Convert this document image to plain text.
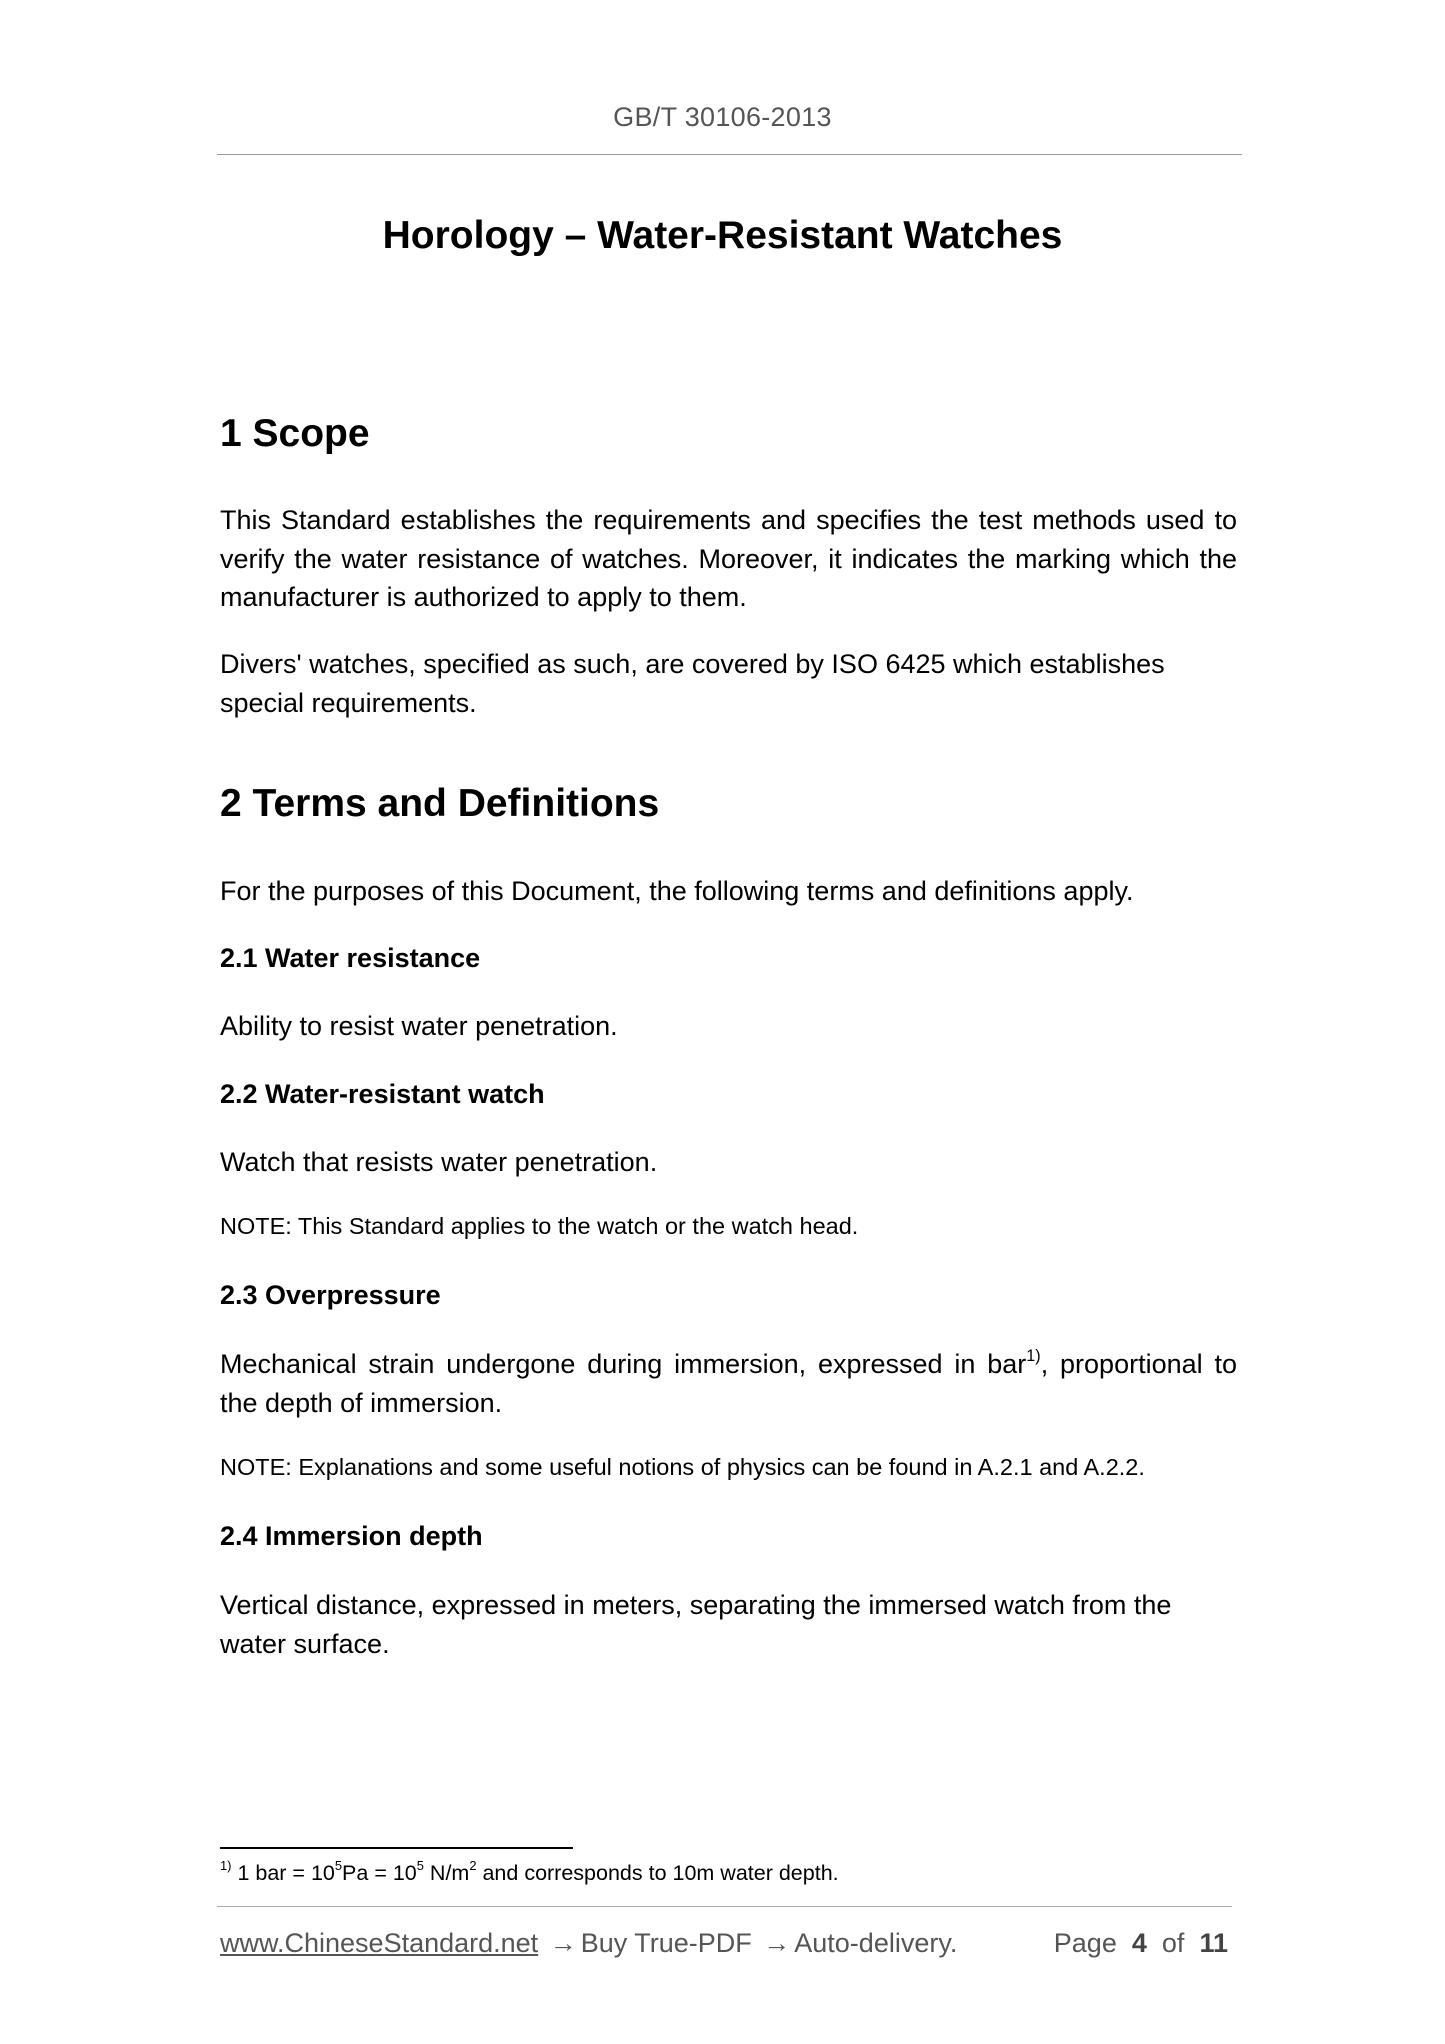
GB/T 30106-2013
Horology – Water-Resistant Watches
1 Scope

This Standard establishes the requirements and specifies the test methods used to verify the water resistance of watches. Moreover, it indicates the marking which the manufacturer is authorized to apply to them.

Divers' watches, specified as such, are covered by ISO 6425 which establishes special requirements.

2 Terms and Definitions

For the purposes of this Document, the following terms and definitions apply.

2.1 Water resistance

Ability to resist water penetration.

2.2 Water-resistant watch

Watch that resists water penetration.

NOTE: This Standard applies to the watch or the watch head.
2.3 Overpressure

Mechanical strain undergone during immersion, expressed in bar$^{1)}$, proportional to the depth of immersion.

NOTE: Explanations and some useful notions of physics can be found in A.2.1 and A.2.2.
2.4 Immersion depth

Vertical distance, expressed in meters, separating the immersed watch from the water surface.

$^{1)}$ 1 bar = $10^5Pa = 10^5$ $N/m^2$ and corresponds to 10m water depth.

www.ChineseStandard.net → Buy True-PDF → Auto-delivery.	Page 4 of 11
